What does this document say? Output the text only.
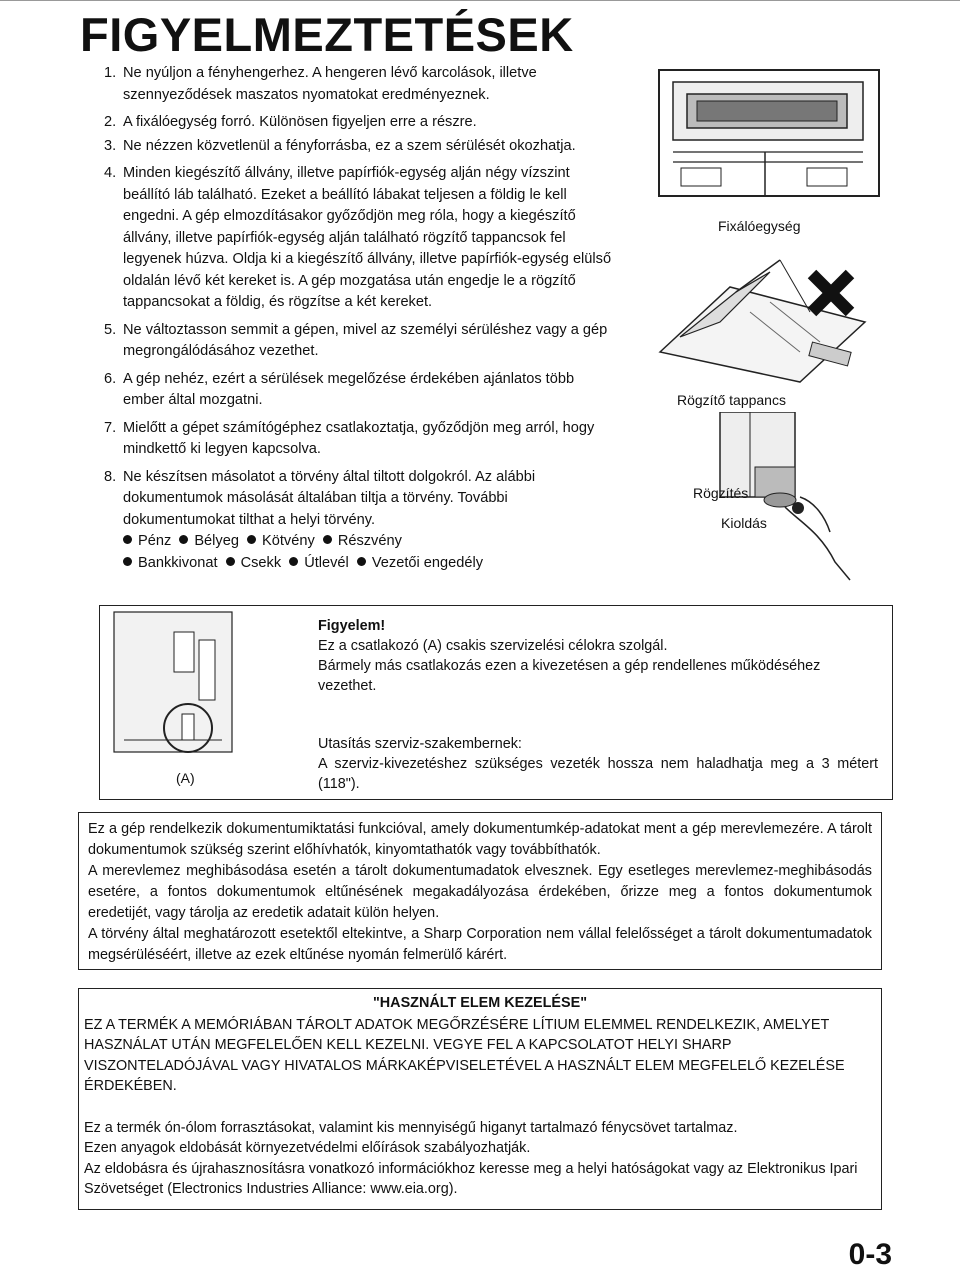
FIGYELMEZTETÉSEK
1. Ne nyúljon a fényhengerhez. A hengeren lévő karcolások, illetve szennyeződések maszatos nyomatokat eredményeznek.
2. A fixálóegység forró. Különösen figyeljen erre a részre.
3. Ne nézzen közvetlenül a fényforrásba, ez a szem sérülését okozhatja.
4. Minden kiegészítő állvány, illetve papírfiók-egység alján négy vízszint beállító láb található. Ezeket a beállító lábakat teljesen a földig le kell engedni. A gép elmozdításakor győződjön meg róla, hogy a kiegészítő állvány, illetve papírfiók-egység alján található rögzítő tappancsok fel legyenek húzva. Oldja ki a kiegészítő állvány, illetve papírfiók-egység elülső oldalán lévő két kereket is. A gép mozgatása után engedje le a rögzítő tappancsokat a földig, és rögzítse a két kereket.
5. Ne változtasson semmit a gépen, mivel az személyi sérüléshez vagy a gép megrongálódásához vezethet.
6. A gép nehéz, ezért a sérülések megelőzése érdekében ajánlatos több ember által mozgatni.
7. Mielőtt a gépet számítógéphez csatlakoztatja, győződjön meg arról, hogy mindkettő ki legyen kapcsolva.
8. Ne készítsen másolatot a törvény által tiltott dolgokról. Az alábbi dokumentumok másolását általában tiltja a törvény. További dokumentumokat tilthat a helyi törvény.
Pénz Bélyeg Kötvény Részvény
Bankkivonat Csekk Útlevél Vezetői engedély
Fixálóegység
Rögzítő tappancs
Rögzítés
Kioldás
(A)

Figyelem!

Ez a csatlakozó (A) csakis szervizelési célokra szolgál.

Bármely más csatlakozás ezen a kivezetésen a gép rendellenes működéséhez vezethet.

Utasítás szerviz-szakembernek:

A szerviz-kivezetéshez szükséges vezeték hossza nem haladhatja meg a 3 métert (118").

Ez a gép rendelkezik dokumentumiktatási funkcióval, amely dokumentumkép-adatokat ment a gép merevlemezére. A tárolt dokumentumok szükség szerint előhívhatók, kinyomtathatók vagy továbbíthatók.

A merevlemez meghibásodása esetén a tárolt dokumentumadatok elvesznek. Egy esetleges merevlemez-meghibásodás esetére, a fontos dokumentumok eltűnésének megakadályozása érdekében, őrizze meg a fontos dokumentumok eredetijét, vagy tárolja az eredetik adatait külön helyen.

A törvény által meghatározott esetektől eltekintve, a Sharp Corporation nem vállal felelősséget a tárolt dokumentumadatok megsérüléséért, illetve az ezek eltűnése nyomán felmerülő kárért.

"HASZNÁLT ELEM KEZELÉSE"

EZ A TERMÉK A MEMÓRIÁBAN TÁROLT ADATOK MEGŐRZÉSÉRE LÍTIUM ELEMMEL RENDELKEZIK, AMELYET HASZNÁLAT UTÁN MEGFELELŐEN KELL KEZELNI. VEGYE FEL A KAPCSOLATOT HELYI SHARP VISZONTELADÓJÁVAL VAGY HIVATALOS MÁRKAKÉPVISELETÉVEL A HASZNÁLT ELEM MEGFELELŐ KEZELÉSE ÉRDEKÉBEN.

Ez a termék ón-ólom forrasztásokat, valamint kis mennyiségű higanyt tartalmazó fénycsövet tartalmaz.

Ezen anyagok eldobását környezetvédelmi előírások szabályozhatják.

Az eldobásra és újrahasznosításra vonatkozó információkhoz keresse meg a helyi hatóságokat vagy az Elektronikus Ipari Szövetséget (Electronics Industries Alliance: www.eia.org).

0-3
